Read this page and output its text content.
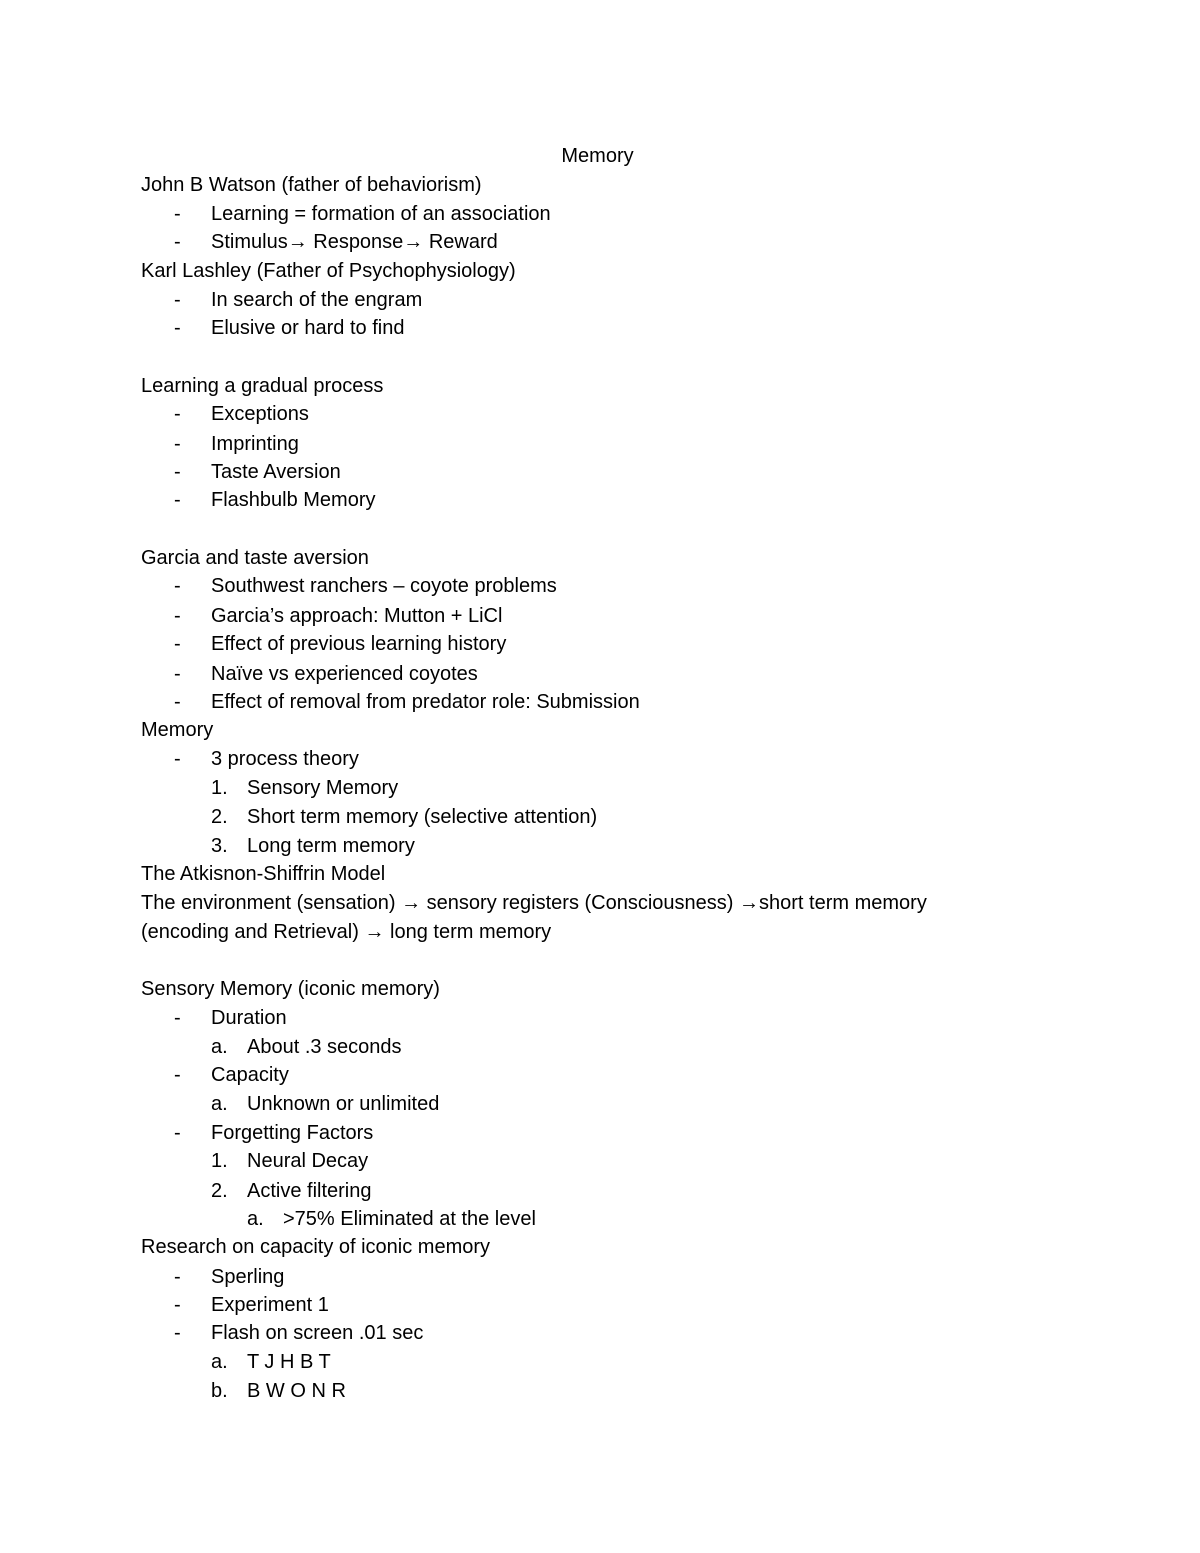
Memory
John B Watson (father of behaviorism)
-	Learning = formation of an association
-	Stimulus→ Response→ Reward
Karl Lashley (Father of Psychophysiology)
-	In search of the engram
-	Elusive or hard to find
Learning a gradual process
-	Exceptions
-	Imprinting
-	Taste Aversion
-	Flashbulb Memory
Garcia and taste aversion
-	Southwest ranchers – coyote problems
-	Garcia’s approach: Mutton + LiCl
-	Effect of previous learning history
-	Naïve vs experienced coyotes
-	Effect of removal from predator role: Submission
Memory
-	3 process theory
1. Sensory Memory
2. Short term memory (selective attention)
3. Long term memory
The Atkisnon-Shiffrin Model
The environment (sensation) → sensory registers (Consciousness) →short term memory
(encoding and Retrieval) → long term memory
Sensory Memory (iconic memory)
-	Duration
a. About .3 seconds
-	Capacity
a. Unknown or unlimited
-	Forgetting Factors
1. Neural Decay
2. Active filtering
a. >75% Eliminated at the level
Research on capacity of iconic memory
-	Sperling
-	Experiment 1
-	Flash on screen .01 sec
a. T J H B T
b. B W O N R
